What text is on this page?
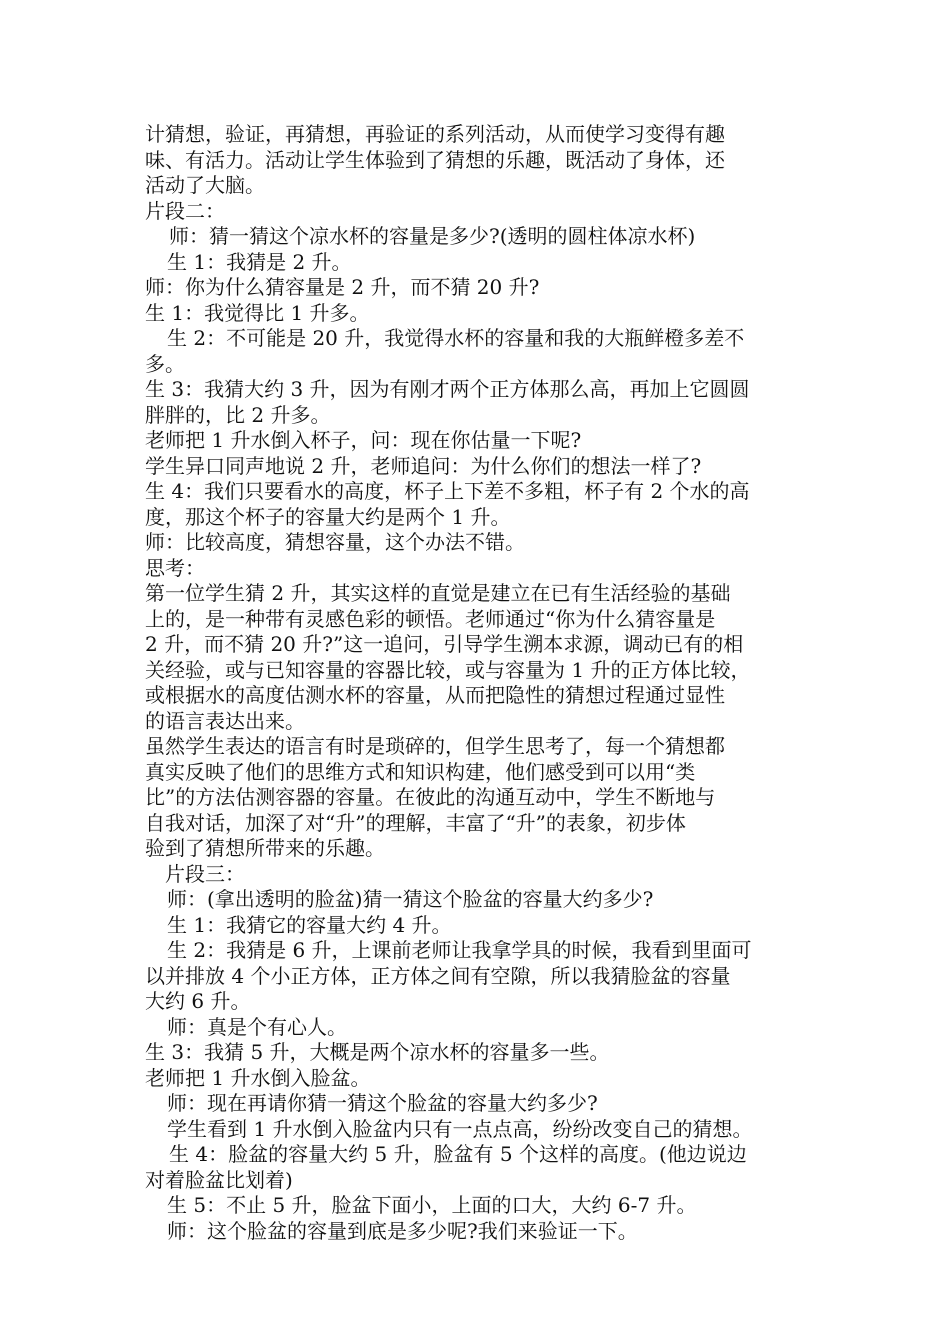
计猜想，验证，再猜想，再验证的系列活动，从而使学习变得有趣
味、有活力。活动让学生体验到了猜想的乐趣，既活动了身体，还
活动了大脑。
片段二：
师：猜一猜这个凉水杯的容量是多少?(透明的圆柱体凉水杯)
生 1：我猜是 2 升。
师：你为什么猜容量是 2 升，而不猜 20 升?
生 1：我觉得比 1 升多。
生 2：不可能是 20 升，我觉得水杯的容量和我的大瓶鲜橙多差不
多。
生 3：我猜大约 3 升，因为有刚才两个正方体那么高，再加上它圆圆
胖胖的，比 2 升多。
老师把 1 升水倒入杯子，问：现在你估量一下呢?
学生异口同声地说 2 升，老师追问：为什么你们的想法一样了?
生 4：我们只要看水的高度，杯子上下差不多粗，杯子有 2 个水的高
度，那这个杯子的容量大约是两个 1 升。
师：比较高度，猜想容量，这个办法不错。
思考：
第一位学生猜 2 升，其实这样的直觉是建立在已有生活经验的基础
上的，是一种带有灵感色彩的顿悟。老师通过“你为什么猜容量是
2 升，而不猜 20 升?”这一追问，引导学生溯本求源，调动已有的相
关经验，或与已知容量的容器比较，或与容量为 1 升的正方体比较，
或根据水的高度估测水杯的容量，从而把隐性的猜想过程通过显性
的语言表达出来。
虽然学生表达的语言有时是琐碎的，但学生思考了，每一个猜想都
真实反映了他们的思维方式和知识构建，他们感受到可以用“类
比”的方法估测容器的容量。在彼此的沟通互动中，学生不断地与
自我对话，加深了对“升”的理解，丰富了“升”的表象，初步体
验到了猜想所带来的乐趣。
片段三：
师：(拿出透明的脸盆)猜一猜这个脸盆的容量大约多少?
生 1：我猜它的容量大约 4 升。
生 2：我猜是 6 升，上课前老师让我拿学具的时候，我看到里面可
以并排放 4 个小正方体，正方体之间有空隙，所以我猜脸盆的容量
大约 6 升。
师：真是个有心人。
生 3：我猜 5 升，大概是两个凉水杯的容量多一些。
老师把 1 升水倒入脸盆。
师：现在再请你猜一猜这个脸盆的容量大约多少?
学生看到 1 升水倒入脸盆内只有一点点高，纷纷改变自己的猜想。
生 4：脸盆的容量大约 5 升，脸盆有 5 个这样的高度。(他边说边
对着脸盆比划着)
生 5：不止 5 升，脸盆下面小，上面的口大，大约 6-7 升。
师：这个脸盆的容量到底是多少呢?我们来验证一下。
